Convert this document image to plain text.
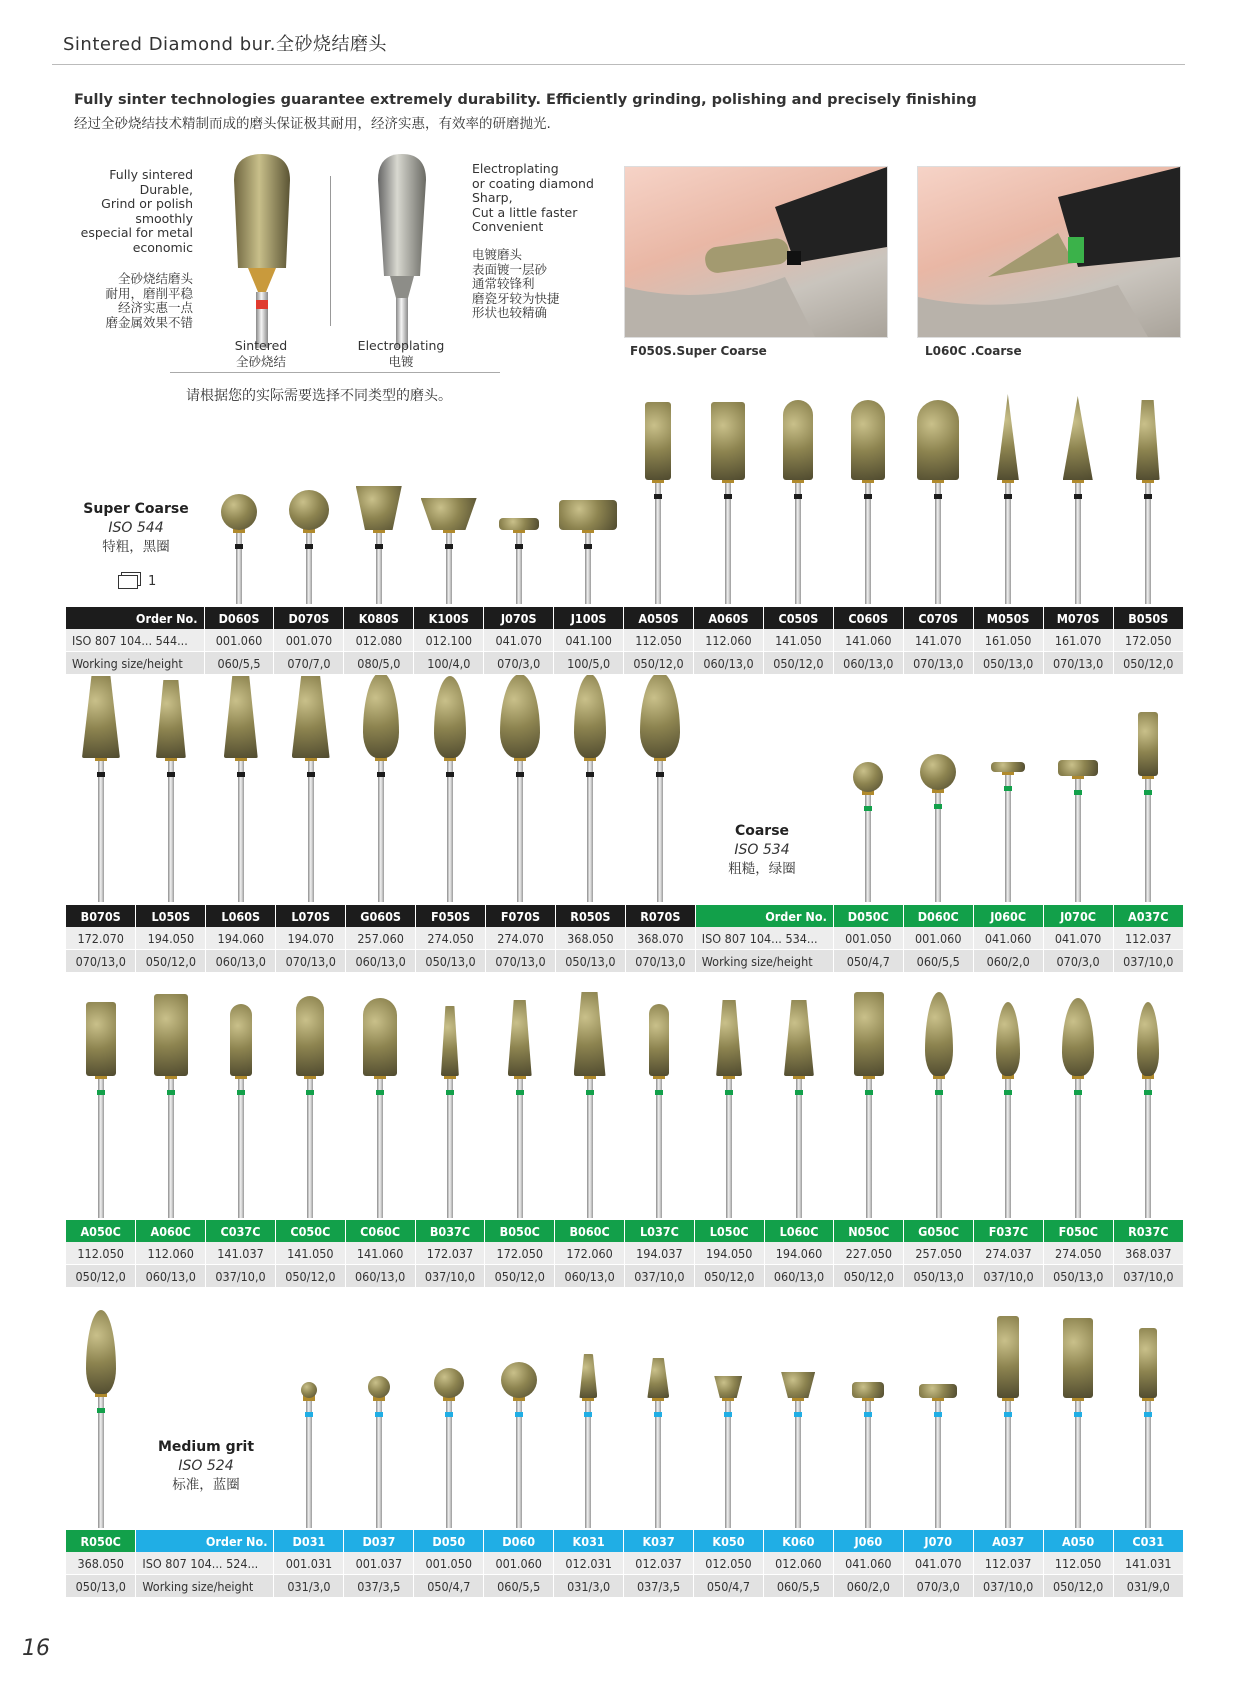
Sintered Diamond bur.全砂烧结磨头
Fully sinter technologies guarantee extremely durability. Efficiently grinding, polishing and precisely finishing
经过全砂烧结技术精制而成的磨头保证极其耐用，经济实惠，有效率的研磨抛光.
Fully sintered
Durable,
Grind or polish
smoothly
especial for metal
economic
全砂烧结磨头
耐用，磨削平稳
经济实惠一点
磨金属效果不错
Electroplating
or coating diamond
Sharp,
Cut a little faster
Convenient
电镀磨头
表面镀一层砂
通常较锋利
磨瓷牙较为快捷
形状也较精确
Sintered
全砂烧结
Electroplating
电镀
请根据您的实际需要选择不同类型的磨头。
F050S.Super Coarse	L060C .Coarse
Super Coarse
ISO 544
特粗，黑圈
1
Coarse
ISO 534
粗糙，绿圈
Medium grit
ISO 524
标准，蓝圈
Order No.	D060S	D070S	K080S	K100S	J070S	J100S	A050S	A060S	C050S	C060S	C070S	M050S	M070S	B050S
ISO 807 104... 544...	001.060	001.070	012.080	012.100	041.070	041.100	112.050	112.060	141.050	141.060	141.070	161.050	161.070	172.050
Working size/height	060/5,5	070/7,0	080/5,0	100/4,0	070/3,0	100/5,0	050/12,0	060/13,0	050/12,0	060/13,0	070/13,0	050/13,0	070/13,0	050/12,0
B070S	L050S	L060S	L070S	G060S	F050S	F070S	R050S	R070S	Order No.	D050C	D060C	J060C	J070C	A037C
172.070	194.050	194.060	194.070	257.060	274.050	274.070	368.050	368.070	ISO 807 104... 534...	001.050	001.060	041.060	041.070	112.037
070/13,0	050/12,0	060/13,0	070/13,0	060/13,0	050/13,0	070/13,0	050/13,0	070/13,0	Working size/height	050/4,7	060/5,5	060/2,0	070/3,0	037/10,0
A050C	A060C	C037C	C050C	C060C	B037C	B050C	B060C	L037C	L050C	L060C	N050C	G050C	F037C	F050C	R037C
112.050	112.060	141.037	141.050	141.060	172.037	172.050	172.060	194.037	194.050	194.060	227.050	257.050	274.037	274.050	368.037
050/12,0	060/13,0	037/10,0	050/12,0	060/13,0	037/10,0	050/12,0	060/13,0	037/10,0	050/12,0	060/13,0	050/12,0	050/13,0	037/10,0	050/13,0	037/10,0
R050C	Order No.	D031	D037	D050	D060	K031	K037	K050	K060	J060	J070	A037	A050	C031
368.050	ISO 807 104... 524...	001.031	001.037	001.050	001.060	012.031	012.037	012.050	012.060	041.060	041.070	112.037	112.050	141.031
050/13,0	Working size/height	031/3,0	037/3,5	050/4,7	060/5,5	031/3,0	037/3,5	050/4,7	060/5,5	060/2,0	070/3,0	037/10,0	050/12,0	031/9,0
16
